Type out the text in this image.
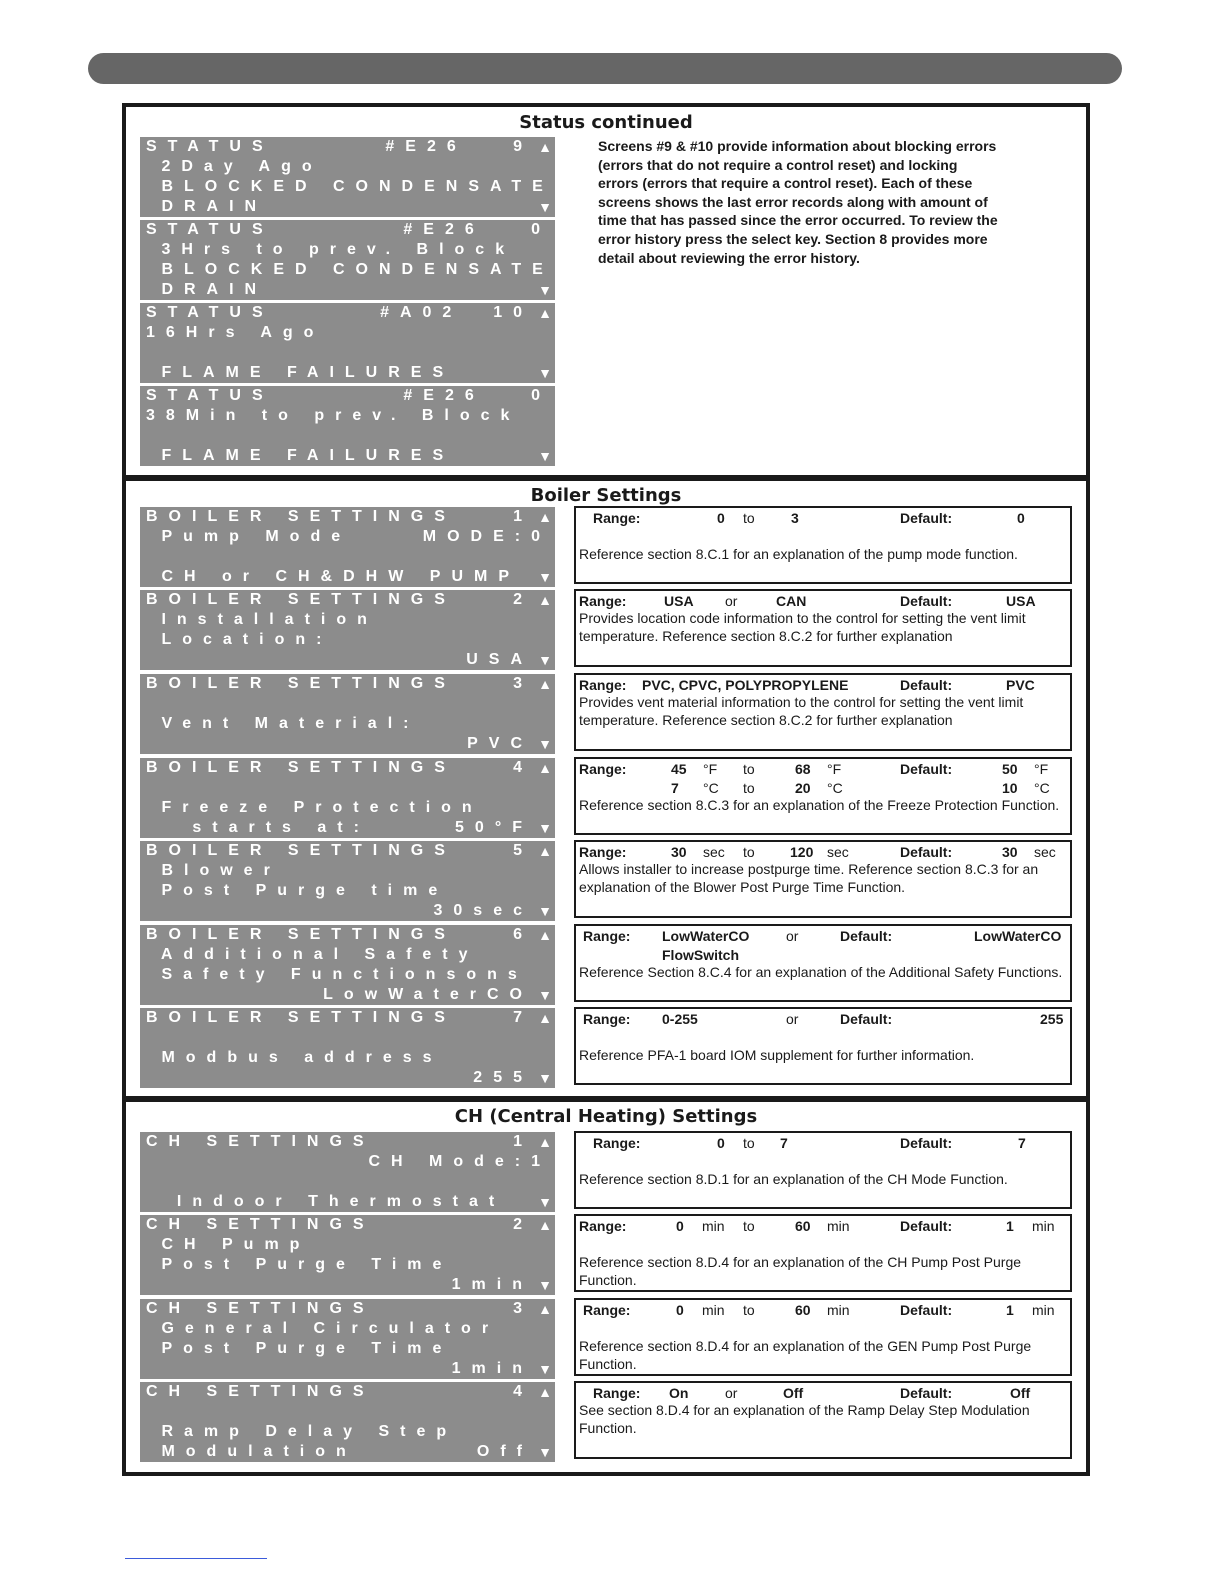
Status continued
Screens #9 & #10 provide information about blocking errors (errors that do not require a control reset) and locking errors (errors that require a control reset). Each of these screens shows the last error records along with amount of time that has passed since the error occurred. To review the error history press the select key. Section 8 provides more detail about reviewing the error history.
STATUS	#E26   9 ▲
2Day Ago
BLOCKED CONDENSATE
DRAIN	▼
STATUS	#E26   0
3Hrs to prev. Block
BLOCKED CONDENSATE
DRAIN	▼
STATUS	#A02  10 ▲
16Hrs Ago
FLAME FAILURES	▼
STATUS	#E26   0
38Min to prev. Block
FLAME FAILURES	▼
Boiler Settings
BOILER SETTINGS	1 ▲
Pump Mode	MODE:0
CH or CH&DHW PUMP ▼
BOILER SETTINGS	2 ▲
Installation
Location:
USA ▼
BOILER SETTINGS	3 ▲
Vent Material:
PVC ▼
BOILER SETTINGS	4 ▲
Freeze Protection
starts at:	50°F ▼
BOILER SETTINGS	5 ▲
Blower
Post Purge time
30sec ▼
BOILER SETTINGS	6 ▲
Additional Safety
Safety Functionsons
LowWaterCO ▼
BOILER SETTINGS	7 ▲
Modbus address
255 ▼
Range:	0 to	3	Default:	0
Reference section 8.C.1 for an explanation of the pump mode function.
Range:	USA or	CAN	Default:	USA
Provides location code information to the control for setting the vent limit temperature. Reference section 8.C.2 for further explanation
Range: PVC, CPVC, POLYPROPYLENE	Default:	PVC
Provides vent material information to the control for setting the vent limit temperature. Reference section 8.C.2 for further explanation
Range:	45 °F to	68 °F	Default:	50 °F
7 °C to	20 °C	10 °C
Reference section 8.C.3 for an explanation of the Freeze Protection Function.
Range:	30 sec to	120 sec	Default:	30 sec
Allows installer to increase postpurge time. Reference section 8.C.3 for an explanation of the Blower Post Purge Time Function.
Range: LowWaterCO	or	Default:	LowWaterCO
FlowSwitch
Reference Section 8.C.4 for an explanation of the Additional Safety Functions.
Range: 0-255	or	Default:	255
Reference PFA-1 board IOM supplement for further information.
CH (Central Heating) Settings
CH SETTINGS	1 ▲
CH Mode:1
Indoor Thermostat ▼
CH SETTINGS	2 ▲
CH Pump
Post Purge Time
1min ▼
CH SETTINGS	3 ▲
General Circulator
Post Purge Time
1min ▼
CH SETTINGS	4 ▲
Ramp Delay Step
Modulation	Off ▼
Range:	0 to 7	Default:	7
Reference section 8.D.1 for an explanation of the CH Mode Function.
Range:	0 min to	60 min	Default:	1 min
Reference section 8.D.4 for an explanation of the CH Pump Post Purge Function.
Range:	0 min to	60 min	Default:	1 min
Reference section 8.D.4 for an explanation of the GEN Pump Post Purge Function.
Range: On	or	Off	Default:	Off
See section 8.D.4 for an explanation of the Ramp Delay Step Modulation Function.
